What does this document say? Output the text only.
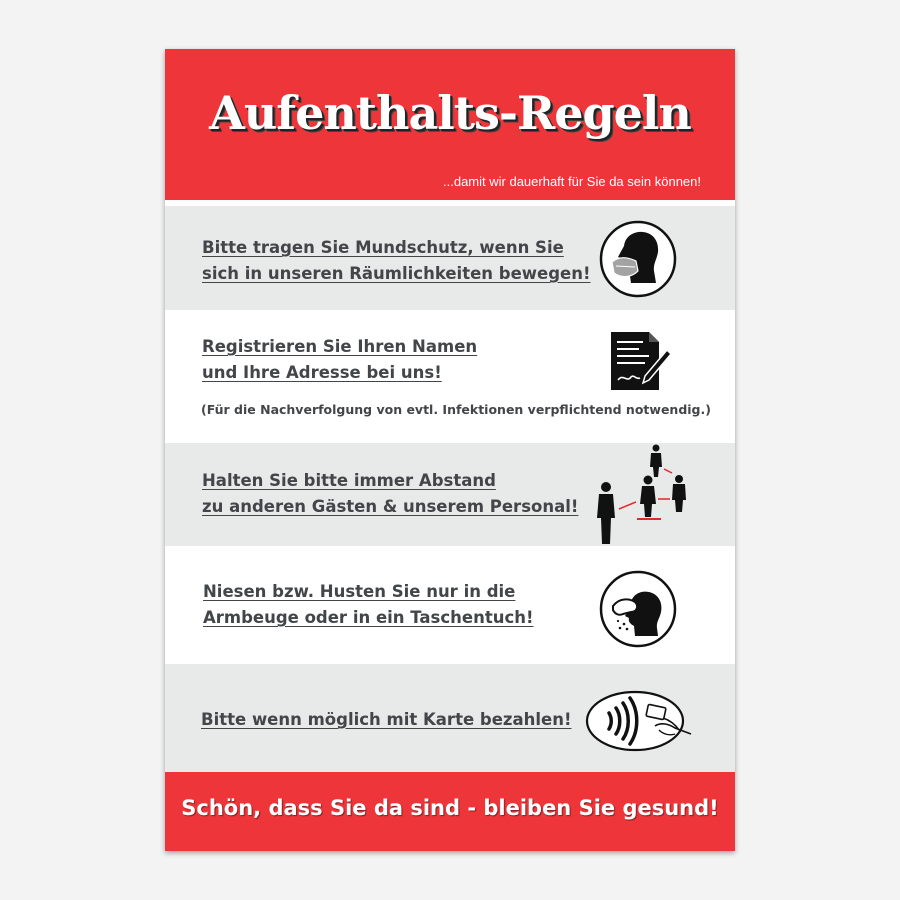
Aufenthalts-Regeln
...damit wir dauerhaft für Sie da sein können!
Bitte tragen Sie Mundschutz, wenn Sie
sich in unseren Räumlichkeiten bewegen!
Registrieren Sie Ihren Namen
und Ihre Adresse bei uns!
(Für die Nachverfolgung von evtl. Infektionen verpflichtend notwendig.)
Halten Sie bitte immer Abstand
zu anderen Gästen & unserem Personal!
Niesen bzw. Husten Sie nur in die
Armbeuge oder in ein Taschentuch!
Bitte wenn möglich mit Karte bezahlen!
Schön, dass Sie da sind - bleiben Sie gesund!
